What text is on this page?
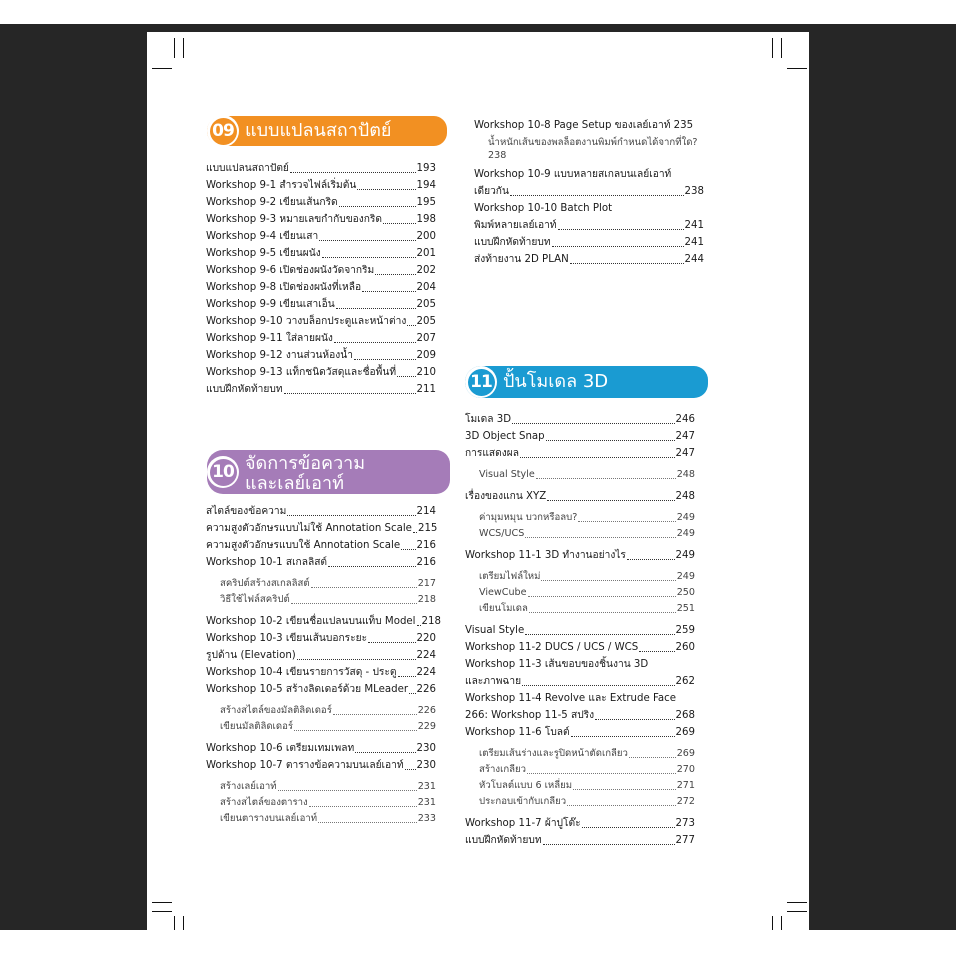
09 แบบแปลนสถาปัตย์
10 จัดการข้อความ
และเลย์เอาท์
11 ปั้นโมเดล 3D
แบบแปลนสถาปัตย์	193
Workshop 9-1 สำรวจไฟล์เริ่มต้น	194
Workshop 9-2 เขียนเส้นกริด	195
Workshop 9-3 หมายเลขกำกับของกริด	198
Workshop 9-4 เขียนเสา	200
Workshop 9-5 เขียนผนัง	201
Workshop 9-6 เปิดช่องผนังวัดจากริม	202
Workshop 9-8 เปิดช่องผนังที่เหลือ	204
Workshop 9-9 เขียนเสาเอ็น	205
Workshop 9-10 วางบล็อกประตูและหน้าต่าง 205
Workshop 9-11 ใส่ลายผนัง	207
Workshop 9-12 งานส่วนห้องน้ำ	209
Workshop 9-13 แท็กชนิดวัสดุและชื่อพื้นที่ 210
แบบฝึกหัดท้ายบท	211
สไตล์ของข้อความ	214
ความสูงตัวอักษรแบบไม่ใช้ Annotation Scale 215
ความสูงตัวอักษรแบบใช้ Annotation Scale 216
Workshop 10-1 สเกลลิสต์	216
สคริปต์สร้างสเกลลิสต์	217
วิธีใช้ไฟล์สคริปต์	218
Workshop 10-2 เขียนชื่อแปลนบนแท็บ Model 218
Workshop 10-3 เขียนเส้นบอกระยะ	220
รูปด้าน (Elevation)	224
Workshop 10-4 เขียนรายการวัสดุ - ประตู 224
Workshop 10-5 สร้างลิดเดอร์ด้วย MLeader 226
สร้างสไตล์ของมัลติลิดเดอร์	226
เขียนมัลติลิดเดอร์	229
Workshop 10-6 เตรียมเทมเพลท	230
Workshop 10-7 ตารางข้อความบนเลย์เอาท์ 230
สร้างเลย์เอาท์	231
สร้างสไตล์ของตาราง	231
เขียนตารางบนเลย์เอาท์	233
Workshop 10-8 Page Setup ของเลย์เอาท์ 235
น้ำหนักเส้นของพลล็อตงานพิมพ์กำหนดได้จากที่ใด? 238
Workshop 10-9 แบบหลายสเกลบนเลย์เอาท์
เดียวกัน	238
Workshop 10-10 Batch Plot
พิมพ์หลายเลย์เอาท์	241
แบบฝึกหัดท้ายบท	241
ส่งท้ายงาน 2D PLAN	244
โมเดล 3D	246
3D Object Snap	247
การแสดงผล	247
Visual Style	248
เรื่องของแกน XYZ	248
ค่ามุมหมุน บวกหรือลบ?	249
WCS/UCS	249
Workshop 11-1 3D ทำงานอย่างไร	249
เตรียมไฟล์ใหม่	249
ViewCube	250
เขียนโมเดล	251
Visual Style	259
Workshop 11-2 DUCS / UCS / WCS	260
Workshop 11-3 เส้นขอบของชิ้นงาน 3D
และภาพฉาย	262
Workshop 11-4 Revolve และ Extrude Face
266: Workshop 11-5 สปริง	268
Workshop 11-6 โบลต์	269
เตรียมเส้นร่างและรูปิดหน้าตัดเกลียว	269
สร้างเกลียว	270
หัวโบลต์แบบ 6 เหลี่ยม	271
ประกอบเข้ากับเกลียว	272
Workshop 11-7 ผ้าปูโต๊ะ	273
แบบฝึกหัดท้ายบท	277
